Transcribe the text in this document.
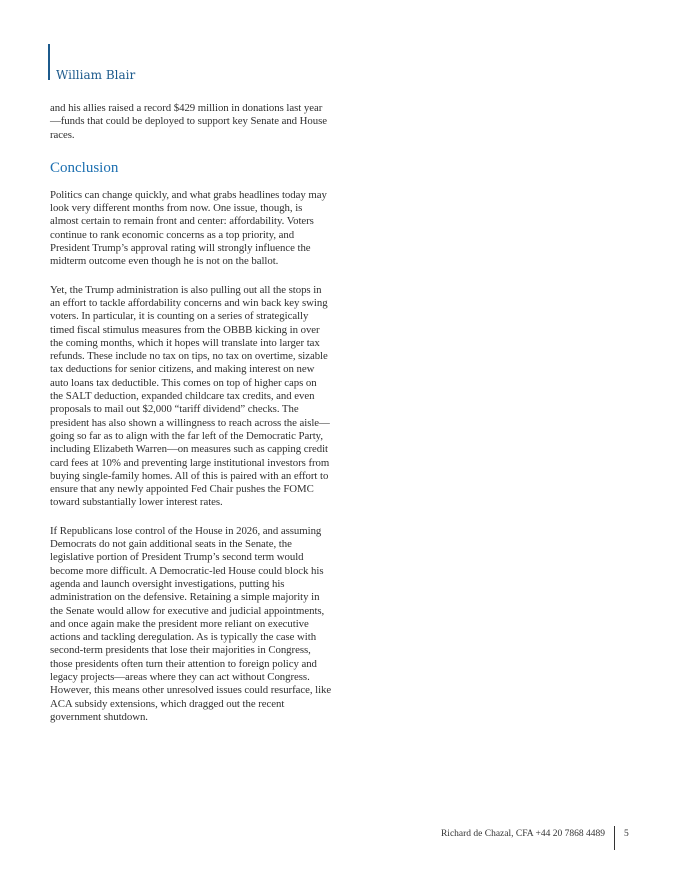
William Blair

and his allies raised a record $429 million in donations last year—funds that could be deployed to support key Senate and House races.

Conclusion

Politics can change quickly, and what grabs headlines today may look very different months from now. One issue, though, is almost certain to remain front and center: affordability. Voters continue to rank economic concerns as a top priority, and President Trump’s approval rating will strongly influence the midterm outcome even though he is not on the ballot.

Yet, the Trump administration is also pulling out all the stops in an effort to tackle affordability concerns and win back key swing voters. In particular, it is counting on a series of strategically timed fiscal stimulus measures from the OBBB kicking in over the coming months, which it hopes will translate into larger tax refunds. These include no tax on tips, no tax on overtime, sizable tax deductions for senior citizens, and making interest on new auto loans tax deductible. This comes on top of higher caps on the SALT deduction, expanded childcare tax credits, and even proposals to mail out $2,000 “tariff dividend” checks. The president has also shown a willingness to reach across the aisle—going so far as to align with the far left of the Democratic Party, including Elizabeth Warren—on measures such as capping credit card fees at 10% and preventing large institutional investors from buying single-family homes. All of this is paired with an effort to ensure that any newly appointed Fed Chair pushes the FOMC toward substantially lower interest rates.

If Republicans lose control of the House in 2026, and assuming Democrats do not gain additional seats in the Senate, the legislative portion of President Trump’s second term would become more difficult. A Democratic-led House could block his agenda and launch oversight investigations, putting his administration on the defensive. Retaining a simple majority in the Senate would allow for executive and judicial appointments, and once again make the president more reliant on executive actions and tackling deregulation. As is typically the case with second-term presidents that lose their majorities in Congress, those presidents often turn their attention to foreign policy and legacy projects—areas where they can act without Congress. However, this means other unresolved issues could resurface, like ACA subsidy extensions, which dragged out the recent government shutdown.

Richard de Chazal, CFA +44 20 7868 4489 5
